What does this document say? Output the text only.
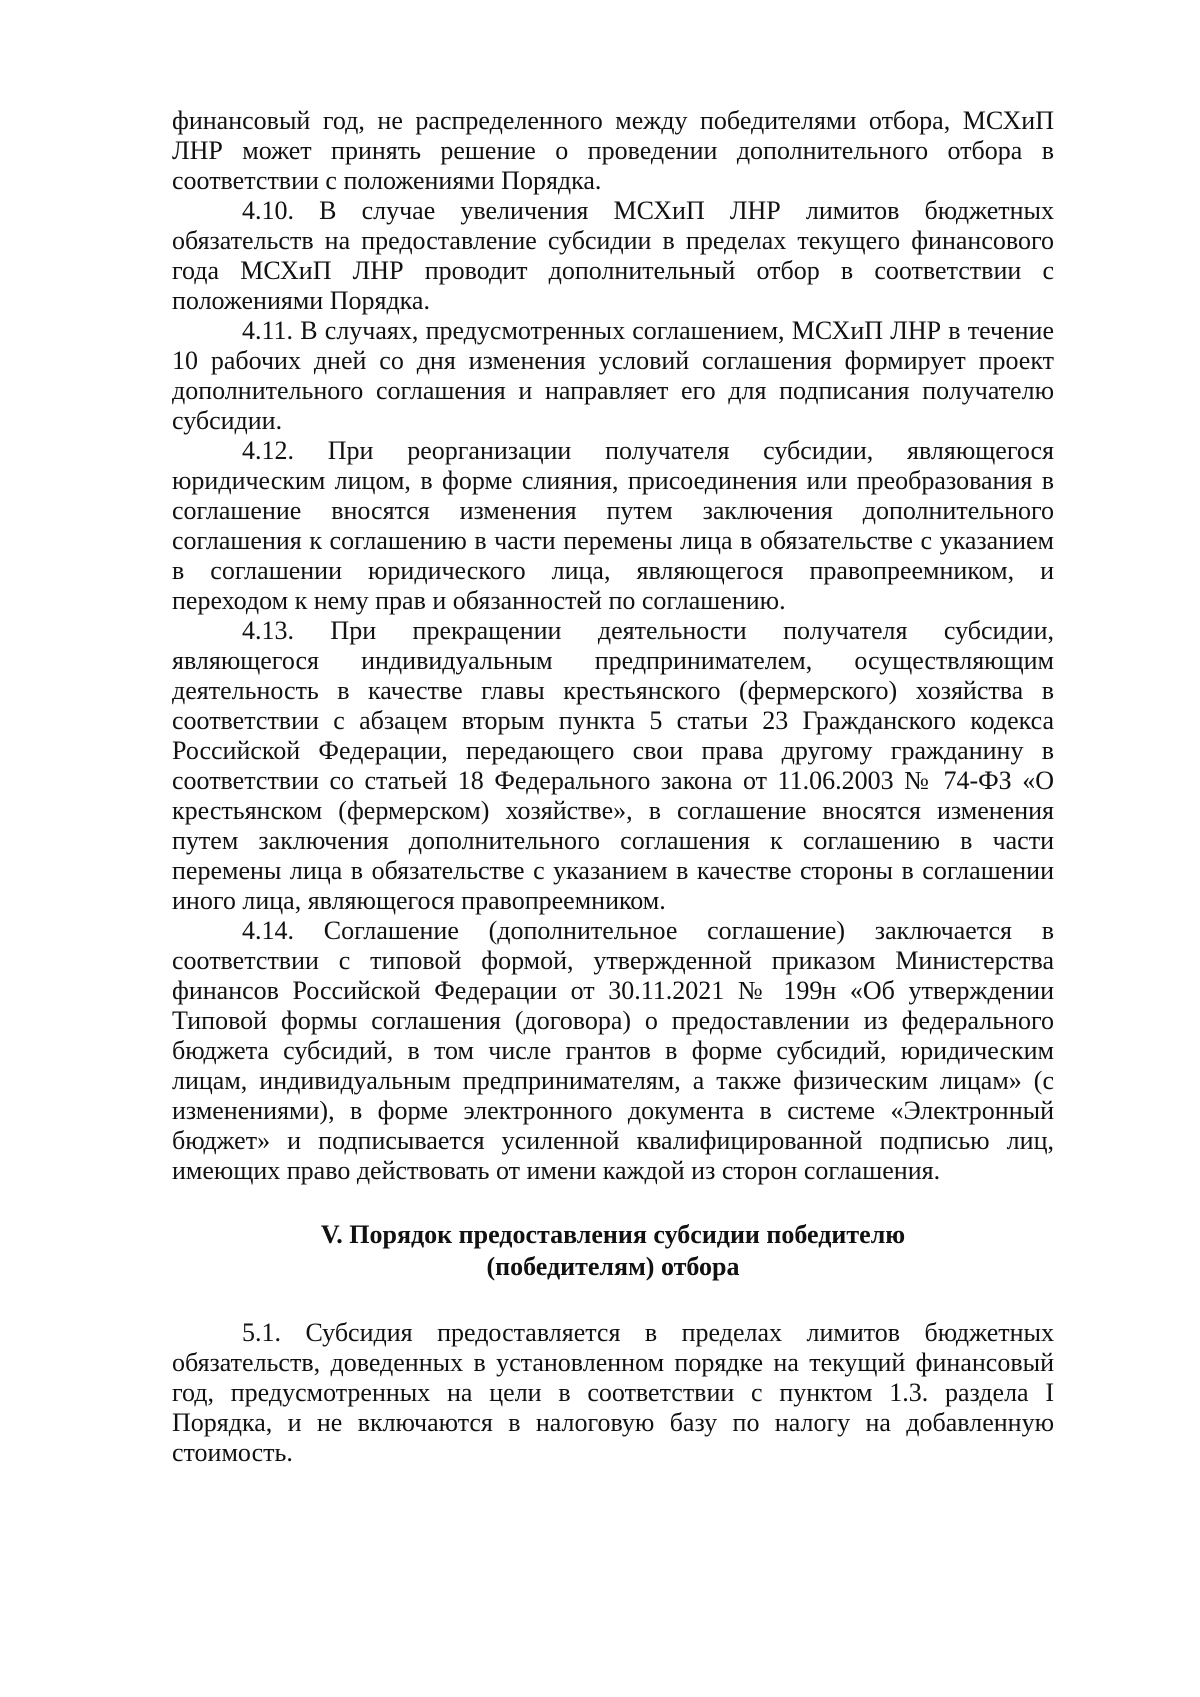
финансовый год, не распределенного между победителями отбора, МСХиП ЛНР может принять решение о проведении дополнительного отбора в соответствии с положениями Порядка.

4.10. В случае увеличения МСХиП ЛНР лимитов бюджетных обязательств на предоставление субсидии в пределах текущего финансового года МСХиП ЛНР проводит дополнительный отбор в соответствии с положениями Порядка.

4.11. В случаях, предусмотренных соглашением, МСХиП ЛНР в течение 10 рабочих дней со дня изменения условий соглашения формирует проект дополнительного соглашения и направляет его для подписания получателю субсидии.

4.12. При реорганизации получателя субсидии, являющегося юридическим лицом, в форме слияния, присоединения или преобразования в соглашение вносятся изменения путем заключения дополнительного соглашения к соглашению в части перемены лица в обязательстве с указанием в соглашении юридического лица, являющегося правопреемником, и переходом к нему прав и обязанностей по соглашению.

4.13. При прекращении деятельности получателя субсидии, являющегося индивидуальным предпринимателем, осуществляющим деятельность в качестве главы крестьянского (фермерского) хозяйства в соответствии с абзацем вторым пункта 5 статьи 23 Гражданского кодекса Российской Федерации, передающего свои права другому гражданину в соответствии со статьей 18 Федерального закона от 11.06.2003 № 74-ФЗ «О крестьянском (фермерском) хозяйстве», в соглашение вносятся изменения путем заключения дополнительного соглашения к соглашению в части перемены лица в обязательстве с указанием в качестве стороны в соглашении иного лица, являющегося правопреемником.

4.14. Соглашение (дополнительное соглашение) заключается в соответствии с типовой формой, утвержденной приказом Министерства финансов Российской Федерации от 30.11.2021 № 199н «Об утверждении Типовой формы соглашения (договора) о предоставлении из федерального бюджета субсидий, в том числе грантов в форме субсидий, юридическим лицам, индивидуальным предпринимателям, а также физическим лицам» (с изменениями), в форме электронного документа в системе «Электронный бюджет» и подписывается усиленной квалифицированной подписью лиц, имеющих право действовать от имени каждой из сторон соглашения.

V. Порядок предоставления субсидии победителю

(победителям) отбора

5.1. Субсидия предоставляется в пределах лимитов бюджетных обязательств, доведенных в установленном порядке на текущий финансовый год, предусмотренных на цели в соответствии с пунктом 1.3. раздела I Порядка, и не включаются в налоговую базу по налогу на добавленную стоимость.
